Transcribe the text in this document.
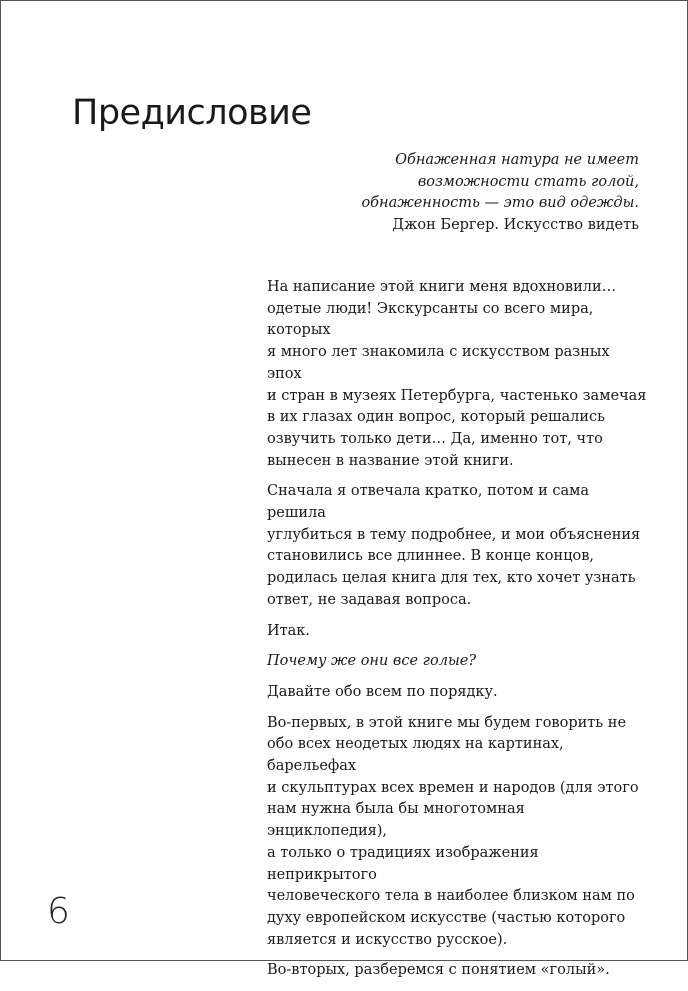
Предисловие
Обнаженная натура не имеет
возможности стать голой,
обнаженность — это вид одежды.
Джон Бергер. Искусство видеть

На написание этой книги меня вдохновили…
одетые люди! Экскурсанты со всего мира, которых
я много лет знакомила с искусством разных эпох
и стран в музеях Петербурга, частенько замечая
в их глазах один вопрос, который решались
озвучить только дети… Да, именно тот, что
вынесен в название этой книги.

Сначала я отвечала кратко, потом и сама решила
углубиться в тему подробнее, и мои объяснения
становились все длиннее. В конце концов,
родилась целая книга для тех, кто хочет узнать
ответ, не задавая вопроса.

Итак.

Почему же они все голые?

Давайте обо всем по порядку.

Во-первых, в этой книге мы будем говорить не
обо всех неодетых людях на картинах, барельефах
и скульптурах всех времен и народов (для этого
нам нужна была бы многотомная энциклопедия),
а только о традициях изображения неприкрытого
человеческого тела в наиболее близком нам по
духу европейском искусстве (частью которого
является и искусство русское).

Во-вторых, разберемся с понятием «голый».

6
